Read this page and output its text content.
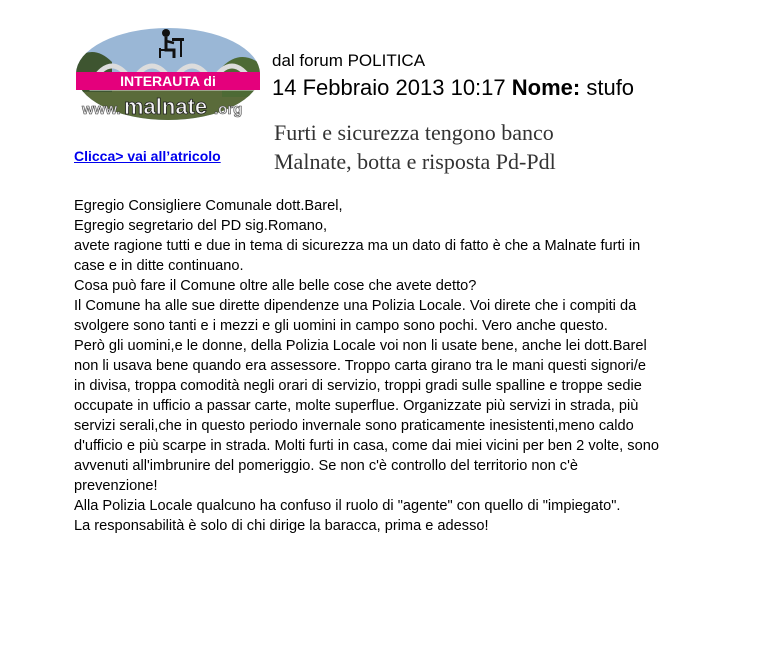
INTERAUTA di
www. malnate .org
dal forum POLITICA
14 Febbraio 2013 10:17 Nome: stufo
Clicca> vai all’atricolo
Furti e sicurezza tengono banco
Malnate, botta e risposta Pd-Pdl
Egregio Consigliere Comunale dott.Barel,
Egregio segretario del PD sig.Romano,
avete ragione tutti e due in tema di sicurezza ma un dato di fatto è che a Malnate furti in
case e in ditte continuano.
Cosa può fare il Comune oltre alle belle cose che avete detto?
Il Comune ha alle sue dirette dipendenze una Polizia Locale. Voi direte che i compiti da
svolgere sono tanti e i mezzi e gli uomini in campo sono pochi. Vero anche questo.
Però gli uomini,e le donne, della Polizia Locale voi non li usate bene, anche lei dott.Barel
non li usava bene quando era assessore. Troppo carta girano tra le mani questi signori/e
in divisa, troppa comodità negli orari di servizio, troppi gradi sulle spalline e troppe sedie
occupate in ufficio a passar carte, molte superflue. Organizzate più servizi in strada, più
servizi serali,che in questo periodo invernale sono praticamente inesistenti,meno caldo
d'ufficio e più scarpe in strada. Molti furti in casa, come dai miei vicini per ben 2 volte, sono
avvenuti all'imbrunire del pomeriggio. Se non c'è controllo del territorio non c'è
prevenzione!
Alla Polizia Locale qualcuno ha confuso il ruolo di "agente" con quello di "impiegato".
La responsabilità è solo di chi dirige la baracca, prima e adesso!
